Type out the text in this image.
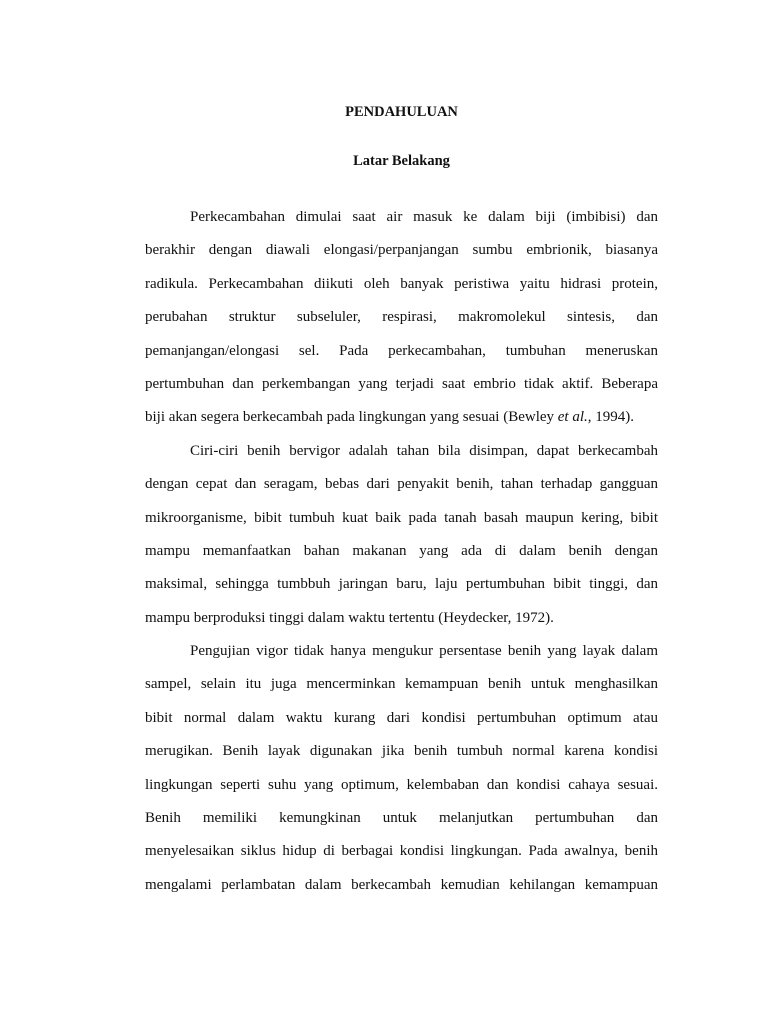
PENDAHULUAN
Latar Belakang
Perkecambahan dimulai saat air masuk ke dalam biji (imbibisi) dan
berakhir dengan diawali elongasi/perpanjangan sumbu embrionik, biasanya
radikula. Perkecambahan diikuti oleh banyak peristiwa yaitu hidrasi protein,
perubahan struktur subseluler, respirasi, makromolekul sintesis, dan
pemanjangan/elongasi sel. Pada perkecambahan, tumbuhan meneruskan
pertumbuhan dan perkembangan yang terjadi saat embrio tidak aktif. Beberapa
biji akan segera berkecambah pada lingkungan yang sesuai (Bewley et al., 1994).
Ciri-ciri benih bervigor adalah tahan bila disimpan, dapat berkecambah
dengan cepat dan seragam, bebas dari penyakit benih, tahan terhadap gangguan
mikroorganisme, bibit tumbuh kuat baik pada tanah basah maupun kering, bibit
mampu memanfaatkan bahan makanan yang ada di dalam benih dengan
maksimal, sehingga tumbbuh jaringan baru, laju pertumbuhan bibit tinggi, dan
mampu berproduksi tinggi dalam waktu tertentu (Heydecker, 1972).
Pengujian vigor tidak hanya mengukur persentase benih yang layak dalam
sampel, selain itu juga mencerminkan kemampuan benih untuk menghasilkan
bibit normal dalam waktu kurang dari kondisi pertumbuhan optimum atau
merugikan. Benih layak digunakan jika benih tumbuh normal karena kondisi
lingkungan seperti suhu yang optimum, kelembaban dan kondisi cahaya sesuai.
Benih memiliki kemungkinan untuk melanjutkan pertumbuhan dan
menyelesaikan siklus hidup di berbagai kondisi lingkungan. Pada awalnya, benih
mengalami perlambatan dalam berkecambah kemudian kehilangan kemampuan
